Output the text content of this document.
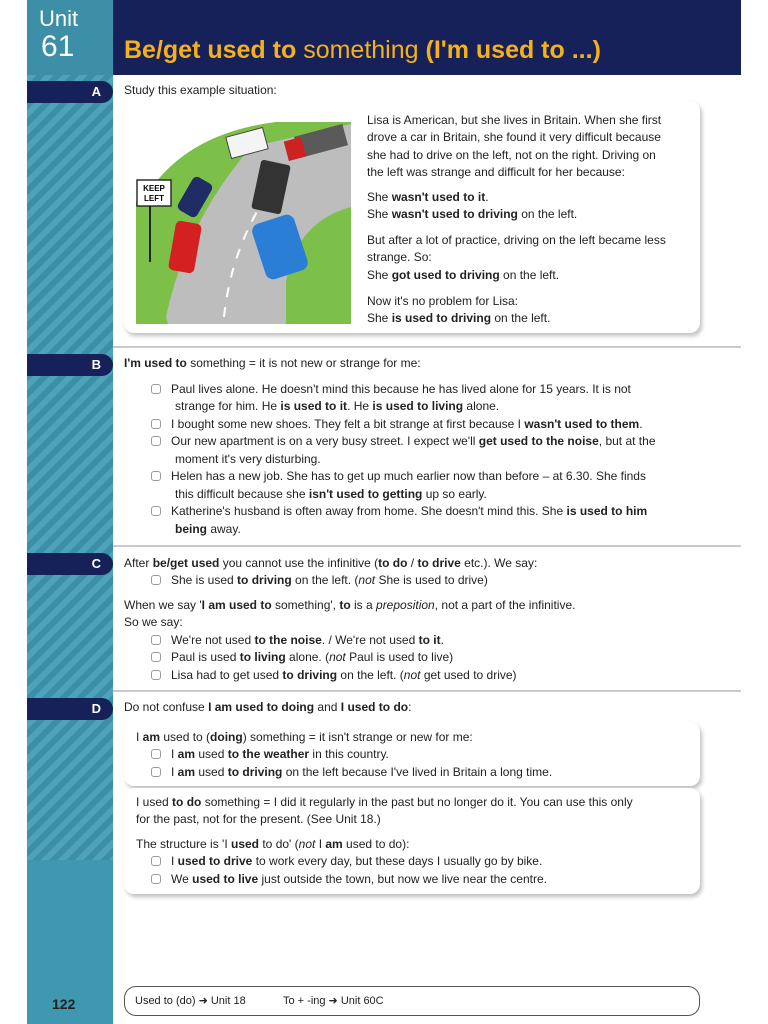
Unit
61 Be/get used to something (I'm used to ...)
A
B
C
D
Study this example situation:
KEEP
LEFT
Lisa is American, but she lives in Britain. When she first
drove a car in Britain, she found it very difficult because
she had to drive on the left, not on the right. Driving on
the left was strange and difficult for her because:
She wasn't used to it.
She wasn't used to driving on the left.
But after a lot of practice, driving on the left became less
strange. So:
She got used to driving on the left.
Now it's no problem for Lisa:
She is used to driving on the left.
I'm used to something = it is not new or strange for me:
Paul lives alone. He doesn't mind this because he has lived alone for 15 years. It is not
strange for him. He is used to it. He is used to living alone.
I bought some new shoes. They felt a bit strange at first because I wasn't used to them.
Our new apartment is on a very busy street. I expect we'll get used to the noise, but at the
moment it's very disturbing.
Helen has a new job. She has to get up much earlier now than before – at 6.30. She finds
this difficult because she isn't used to getting up so early.
Katherine's husband is often away from home. She doesn't mind this. She is used to him
being away.
After be/get used you cannot use the infinitive (to do / to drive etc.). We say:
She is used to driving on the left. (not She is used to drive)
When we say 'I am used to something', to is a preposition, not a part of the infinitive.
So we say:
We're not used to the noise. / We're not used to it.
Paul is used to living alone. (not Paul is used to live)
Lisa had to get used to driving on the left. (not get used to drive)
Do not confuse I am used to doing and I used to do:
I am used to (doing) something = it isn't strange or new for me:
I am used to the weather in this country.
I am used to driving on the left because I've lived in Britain a long time.
I used to do something = I did it regularly in the past but no longer do it. You can use this only
for the past, not for the present. (See Unit 18.)
The structure is 'I used to do' (not I am used to do):
I used to drive to work every day, but these days I usually go by bike.
We used to live just outside the town, but now we live near the centre.
122	Used to (do) ➜ Unit 18	To + -ing ➜ Unit 60C
